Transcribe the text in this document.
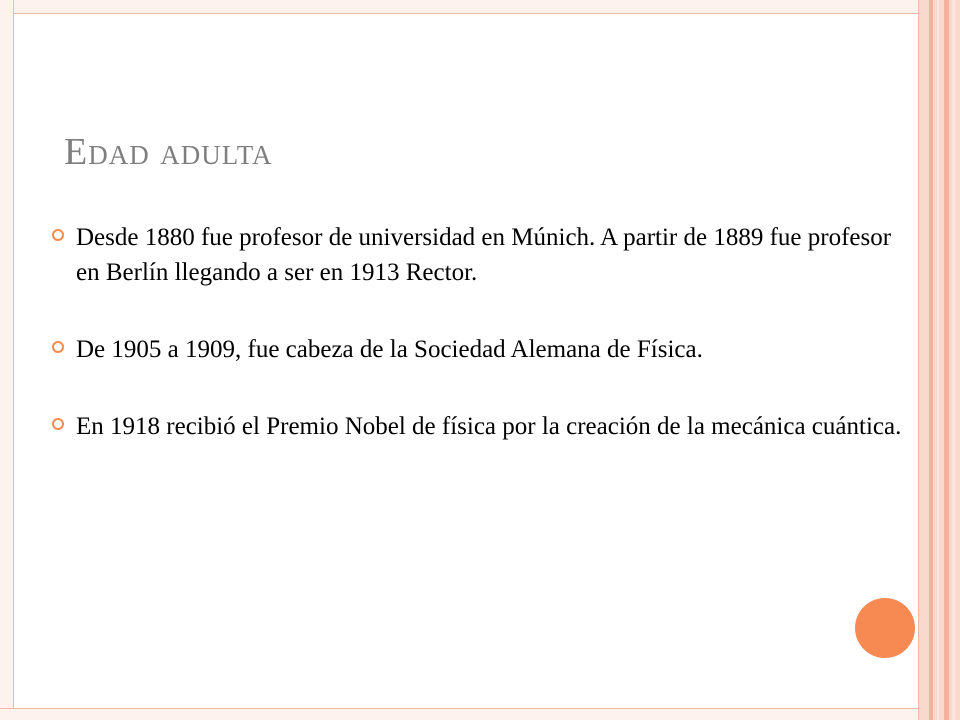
Edad adulta
Desde 1880 fue profesor de universidad en Múnich. A partir de 1889 fue profesor en Berlín llegando a ser en 1913 Rector.
De 1905 a 1909, fue cabeza de la Sociedad Alemana de Física.
En 1918 recibió el Premio Nobel de física por la creación de la mecánica cuántica.
